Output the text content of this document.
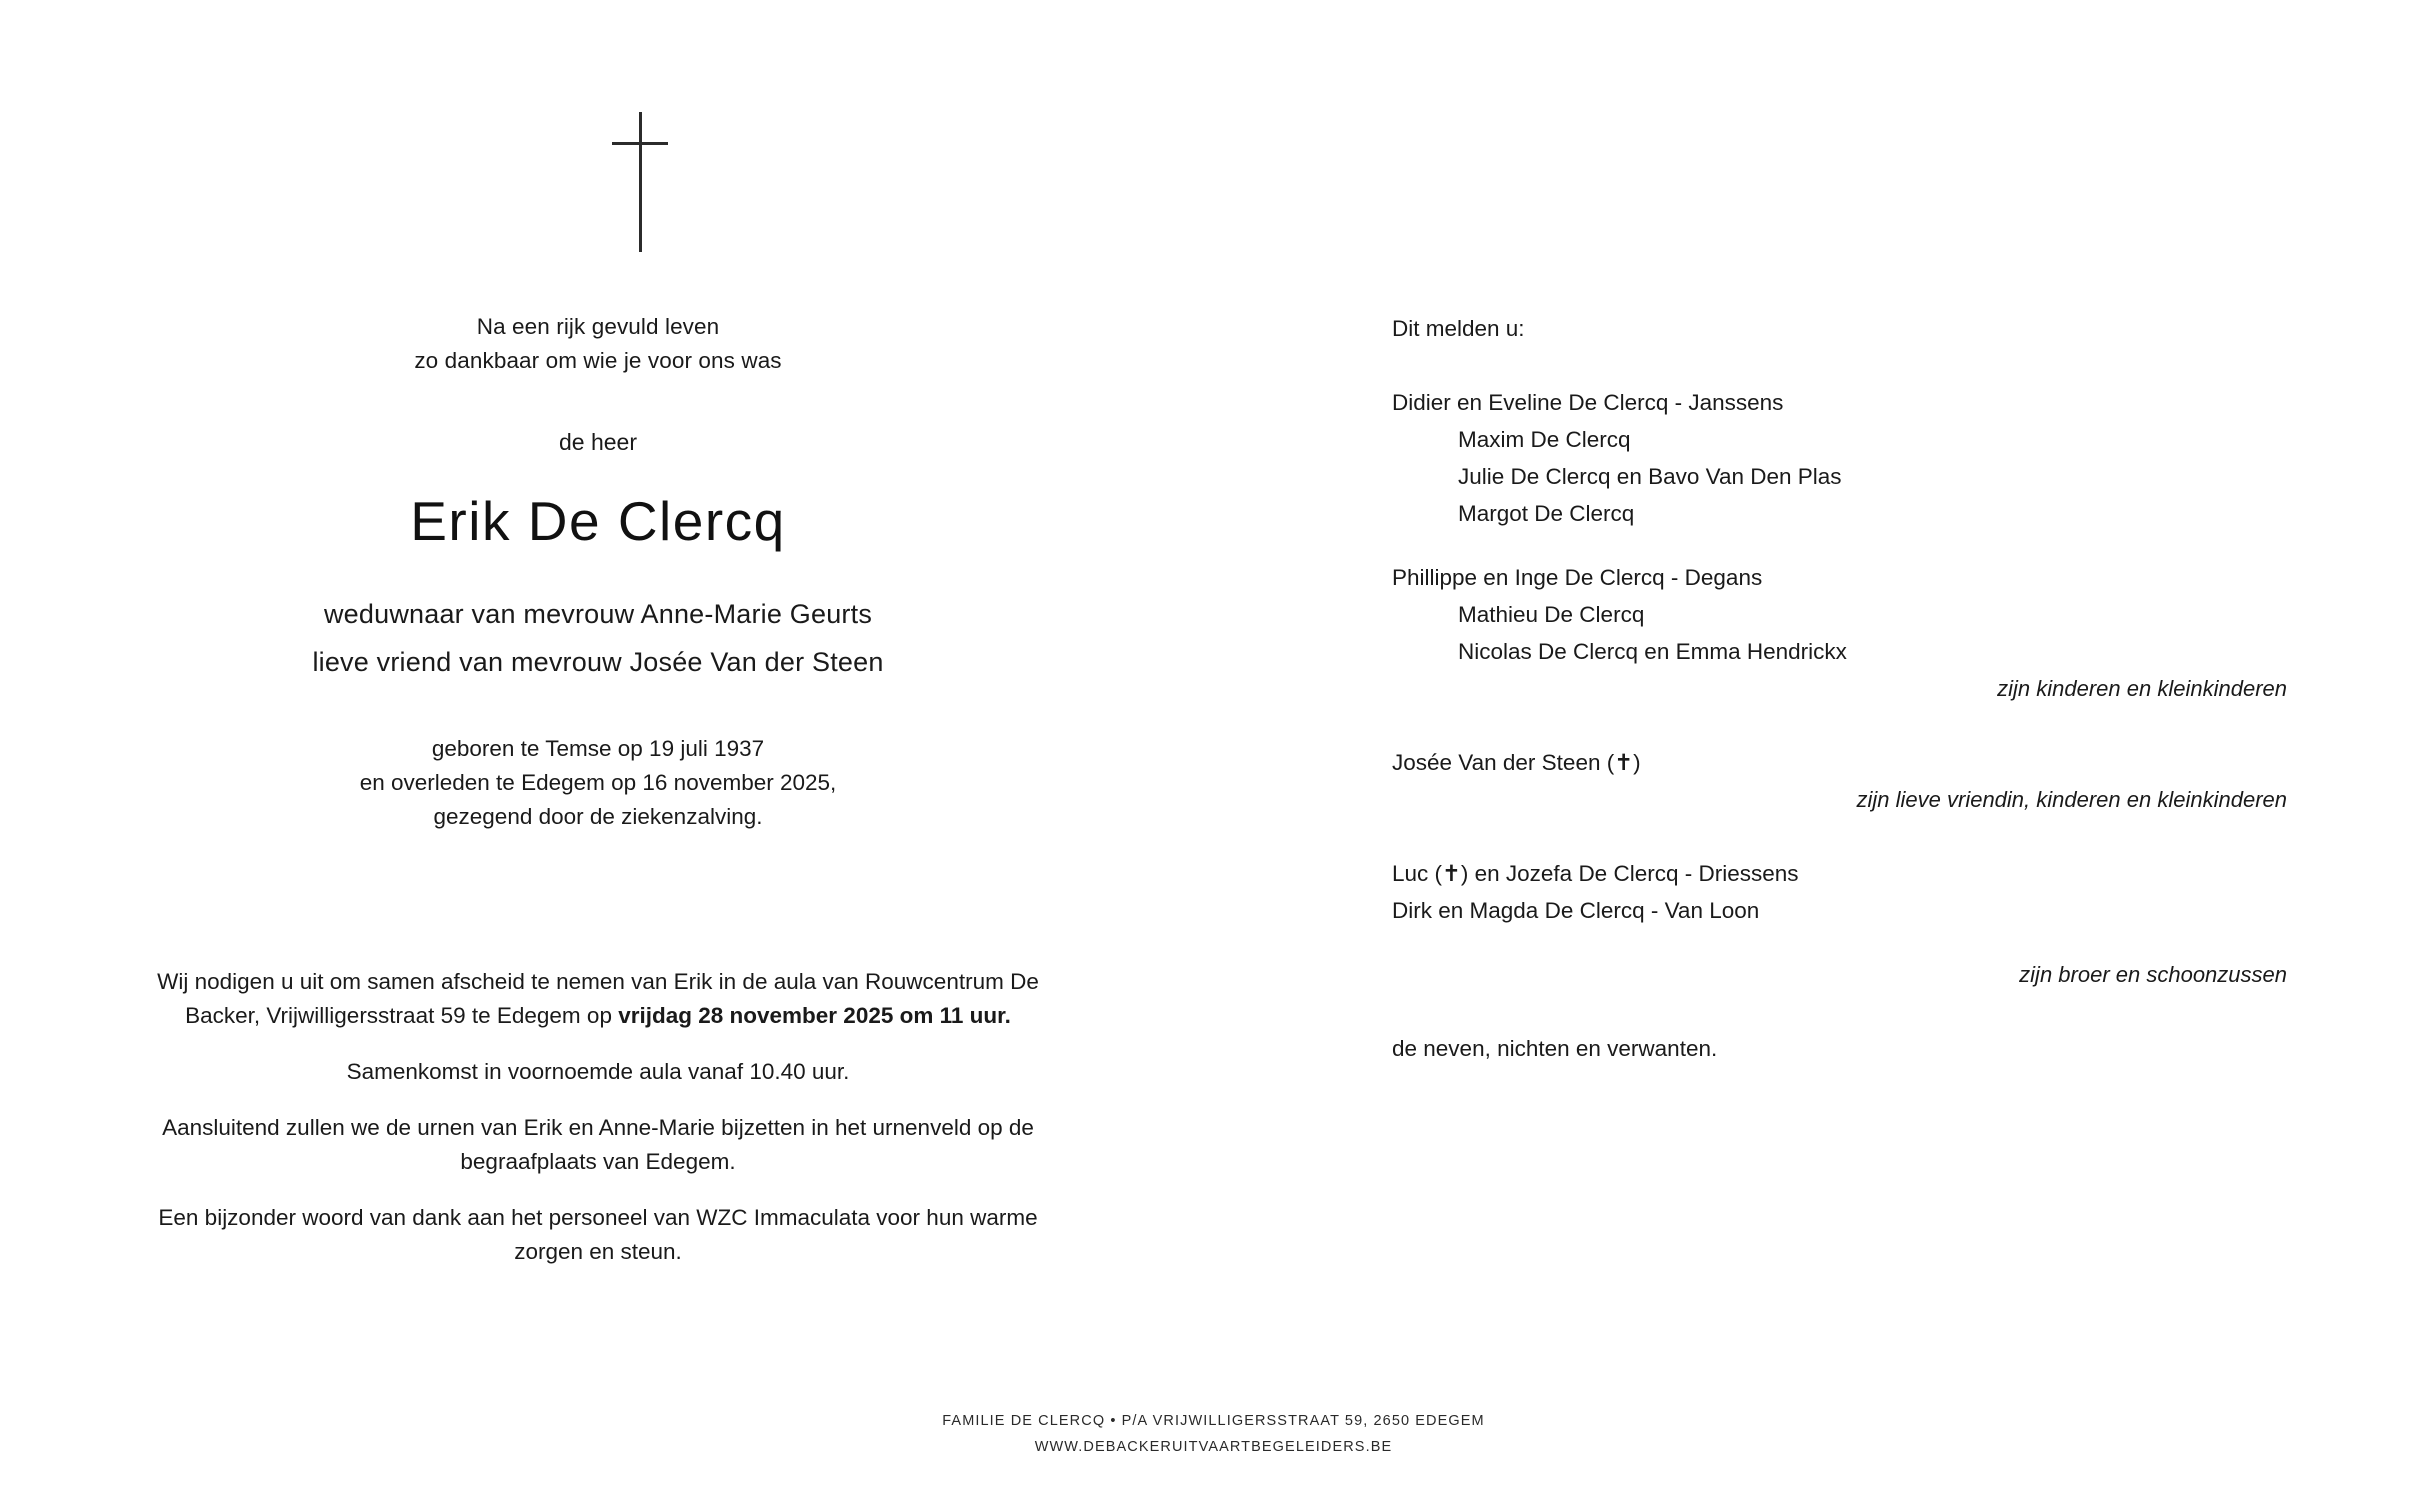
Na een rijk gevuld leven
zo dankbaar om wie je voor ons was
de heer
Erik De Clercq
weduwnaar van mevrouw Anne-Marie Geurts
lieve vriend van mevrouw Josée Van der Steen
geboren te Temse op 19 juli 1937
en overleden te Edegem op 16 november 2025,
gezegend door de ziekenzalving.

Wij nodigen u uit om samen afscheid te nemen van Erik in de aula van Rouwcentrum De Backer, Vrijwilligersstraat 59 te Edegem op vrijdag 28 november 2025 om 11 uur.

Samenkomst in voornoemde aula vanaf 10.40 uur.

Aansluitend zullen we de urnen van Erik en Anne-Marie bijzetten in het urnenveld op de begraafplaats van Edegem.

Een bijzonder woord van dank aan het personeel van WZC Immaculata voor hun warme zorgen en steun.

Dit melden u:
Didier en Eveline De Clercq - Janssens
Maxim De Clercq
Julie De Clercq en Bavo Van Den Plas
Margot De Clercq
Phillippe en Inge De Clercq - Degans
Mathieu De Clercq
Nicolas De Clercq en Emma Hendrickx
zijn kinderen en kleinkinderen
Josée Van der Steen (✝)
zijn lieve vriendin, kinderen en kleinkinderen
Luc (✝) en Jozefa De Clercq - Driessens
Dirk en Magda De Clercq - Van Loon
zijn broer en schoonzussen
de neven, nichten en verwanten.
FAMILIE DE CLERCQ • P/A VRIJWILLIGERSSTRAAT 59, 2650 EDEGEM
WWW.DEBACKERUITVAARTBEGELEIDERS.BE
